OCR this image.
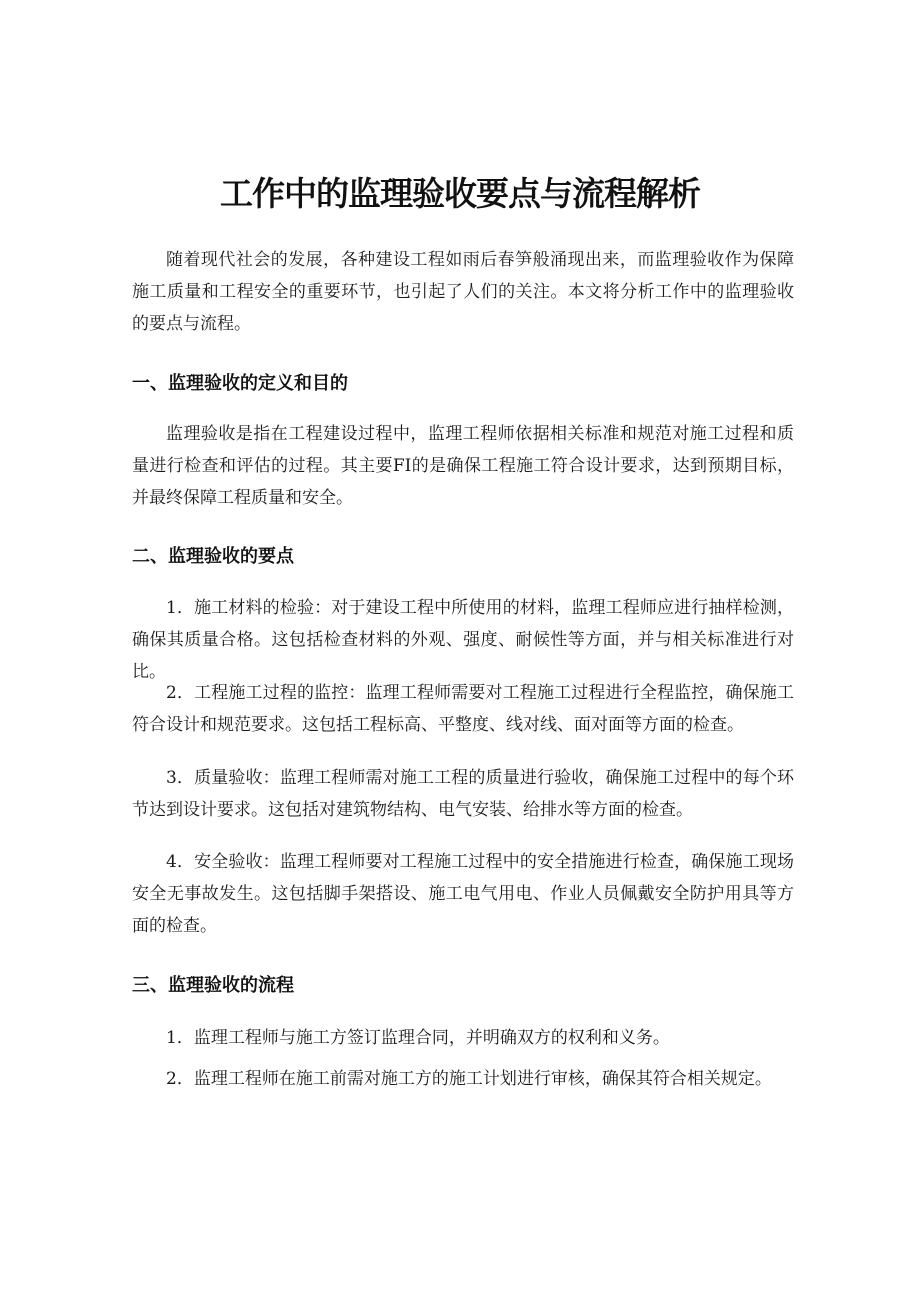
工作中的监理验收要点与流程解析

随着现代社会的发展，各种建设工程如雨后春笋般涌现出来，而监理验收作为保障施工质量和工程安全的重要环节，也引起了人们的关注。本文将分析工作中的监理验收的要点与流程。

一、监理验收的定义和目的

监理验收是指在工程建设过程中，监理工程师依据相关标准和规范对施工过程和质量进行检查和评估的过程。其主要FI的是确保工程施工符合设计要求，达到预期目标，并最终保障工程质量和安全。

二、监理验收的要点

1．施工材料的检验：对于建设工程中所使用的材料，监理工程师应进行抽样检测，确保其质量合格。这包括检查材料的外观、强度、耐候性等方面，并与相关标准进行对比。

2．工程施工过程的监控：监理工程师需要对工程施工过程进行全程监控，确保施工符合设计和规范要求。这包括工程标高、平整度、线对线、面对面等方面的检查。

3．质量验收：监理工程师需对施工工程的质量进行验收，确保施工过程中的每个环节达到设计要求。这包括对建筑物结构、电气安装、给排水等方面的检查。

4．安全验收：监理工程师要对工程施工过程中的安全措施进行检查，确保施工现场安全无事故发生。这包括脚手架搭设、施工电气用电、作业人员佩戴安全防护用具等方面的检查。

三、监理验收的流程

1．监理工程师与施工方签订监理合同，并明确双方的权利和义务。

2．监理工程师在施工前需对施工方的施工计划进行审核，确保其符合相关规定。
